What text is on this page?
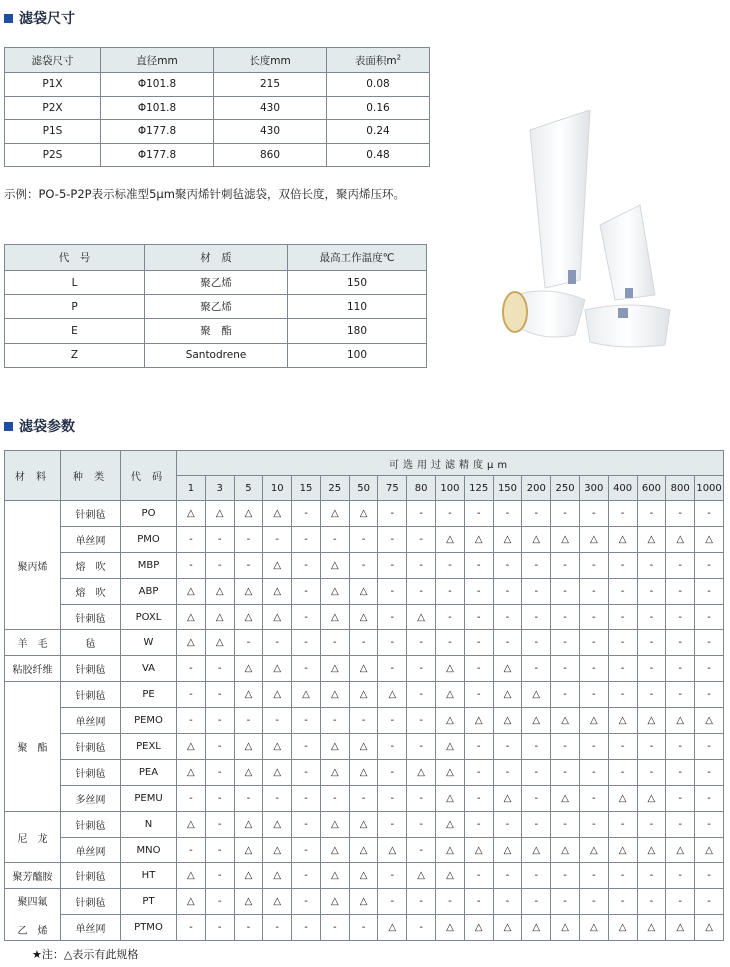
滤袋尺寸
滤袋尺寸	直径mm	长度mm	表面积$m^2$
P1X	Φ101.8	215	0.08
P2X	Φ101.8	430	0.16
P1S	Φ177.8	430	0.24
P2S	Φ177.8	860	0.48
示例：PO-5-P2P表示标准型5μm聚丙烯针刺毡滤袋，双倍长度，聚丙烯压环。
代　号	材　质	最高工作温度℃
L	聚乙烯	150
P	聚乙烯	110
E	聚　酯	180
Z	Santodrene	100
滤袋参数
材 料	种 类	代 码	可选用过滤精度μm																		
			1	3	5	10	15	25	50	75	80	100	125	150	200	250	300	400	600	800	1000
聚丙烯	针刺毡	PO	△	△	△	△	-	△	△	-	-	-	-	-	-	-	-	-	-	-	-
	单丝网	PMO	-	-	-	-	-	-	-	-	-	△	△	△	△	△	△	△	△	△	△
	熔　吹	MBP	-	-	-	△	-	△	-	-	-	-	-	-	-	-	-	-	-	-	-
	熔　吹	ABP	△	△	△	△	-	△	△	-	-	-	-	-	-	-	-	-	-	-	-
	针刺毡	POXL	△	△	△	△	-	△	△	-	△	-	-	-	-	-	-	-	-	-	-
羊　毛	毡	W	△	△	-	-	-	-	-	-	-	-	-	-	-	-	-	-	-	-	-
粘胶纤维	针刺毡	VA	-	-	△	△	-	△	△	-	-	△	-	△	-	-	-	-	-	-	-
聚　酯	针刺毡	PE	-	-	△	△	△	△	△	△	-	△	-	△	△	-	-	-	-	-	-
	单丝网	PEMO	-	-	-	-	-	-	-	-	-	△	△	△	△	△	△	△	△	△	△
	针刺毡	PEXL	△	-	△	△	-	△	△	-	-	△	-	-	-	-	-	-	-	-	-
	针刺毡	PEA	△	-	△	△	-	△	△	-	△	△	-	-	-	-	-	-	-	-	-
	多丝网	PEMU	-	-	-	-	-	-	-	-	-	△	-	△	-	△	-	△	△	-	-
尼　龙	针刺毡	N	△	-	△	△	-	△	△	-	-	△	-	-	-	-	-	-	-	-	-
	单丝网	MNO	-	-	△	△	-	△	△	△	-	△	△	△	△	△	△	△	△	△	△
聚芳醯胺	针刺毡	HT	△	-	△	△	-	△	△	-	△	△	-	-	-	-	-	-	-	-	-

聚四氟
乙　烯	针刺毡	PT	△	-	△	△	-	△	△	-	-	-	-	-	-	-	-	-	-	-	-
	单丝网	PTMO	-	-	-	-	-	-	-	△	-	△	△	△	△	△	△	△	△	△	△
★注：△表示有此规格
